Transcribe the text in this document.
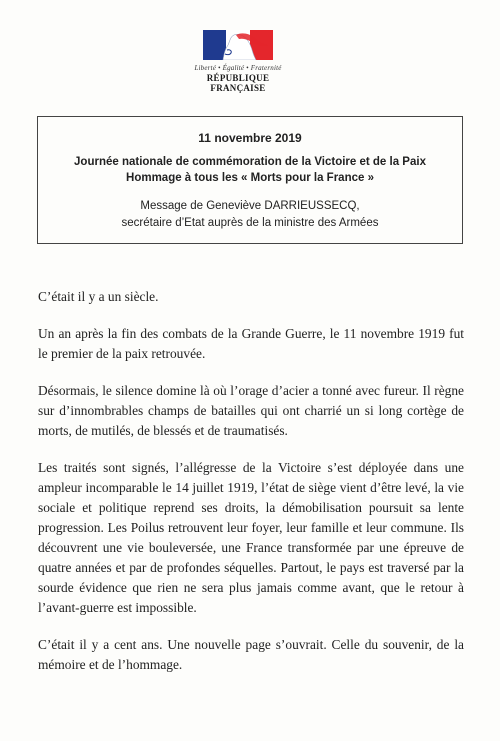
Liberté • Égalité • Fraternité
RÉPUBLIQUE FRANÇAISE
11 novembre 2019
Journée nationale de commémoration de la Victoire et de la Paix
Hommage à tous les « Morts pour la France »
Message de Geneviève DARRIEUSSECQ,
secrétaire d’Etat auprès de la ministre des Armées

C’était il y a un siècle.

Un an après la fin des combats de la Grande Guerre, le 11 novembre 1919 fut le premier de la paix retrouvée.

Désormais, le silence domine là où l’orage d’acier a tonné avec fureur. Il règne sur d’innombrables champs de batailles qui ont charrié un si long cortège de morts, de mutilés, de blessés et de traumatisés.

Les traités sont signés, l’allégresse de la Victoire s’est déployée dans une ampleur incomparable le 14 juillet 1919, l’état de siège vient d’être levé, la vie sociale et politique reprend ses droits, la démobilisation poursuit sa lente progression. Les Poilus retrouvent leur foyer, leur famille et leur commune. Ils découvrent une vie bouleversée, une France transformée par une épreuve de quatre années et par de profondes séquelles. Partout, le pays est traversé par la sourde évidence que rien ne sera plus jamais comme avant, que le retour à l’avant-guerre est impossible.

C’était il y a cent ans. Une nouvelle page s’ouvrait. Celle du souvenir, de la mémoire et de l’hommage.
